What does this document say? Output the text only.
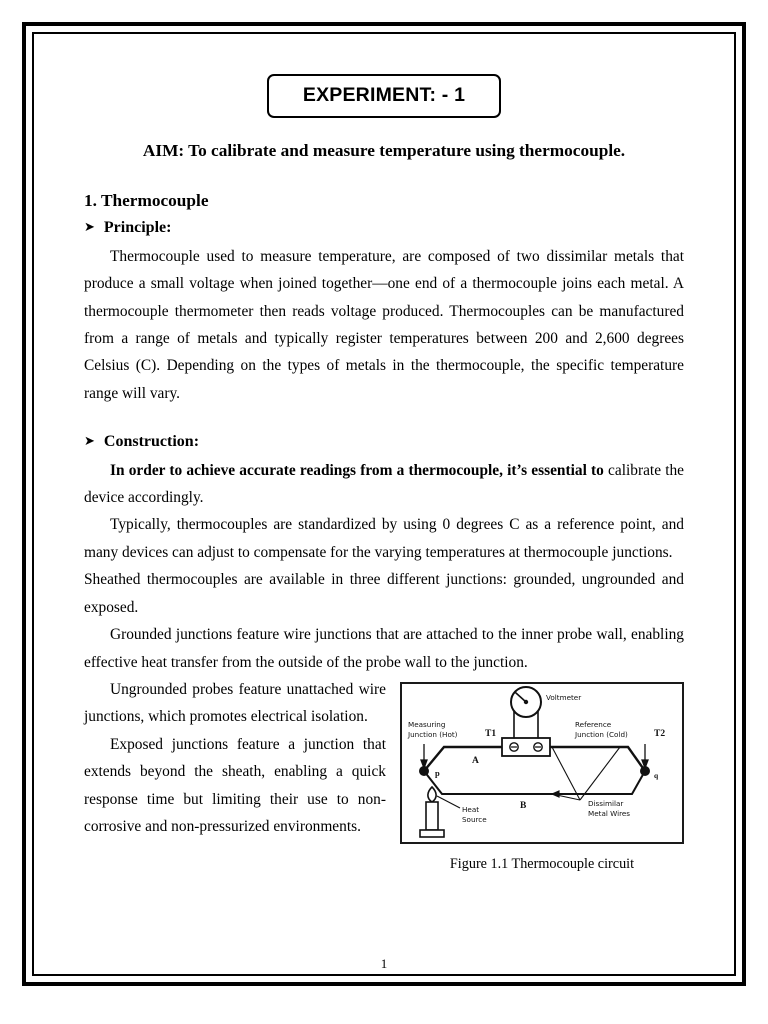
EXPERIMENT: - 1
AIM: To calibrate and measure temperature using thermocouple.
1. Thermocouple
➤ Principle:

Thermocouple used to measure temperature, are composed of two dissimilar metals that produce a small voltage when joined together—one end of a thermocouple joins each metal. A thermocouple thermometer then reads voltage produced. Thermocouples can be manufactured from a range of metals and typically register temperatures between 200 and 2,600 degrees Celsius (C). Depending on the types of metals in the thermocouple, the specific temperature range will vary.

➤ Construction:

In order to achieve accurate readings from a thermocouple, it’s essential to calibrate the device accordingly.

Typically, thermocouples are standardized by using 0 degrees C as a reference point, and many devices can adjust to compensate for the varying temperatures at thermocouple junctions.

Sheathed thermocouples are available in three different junctions: grounded, ungrounded and exposed.

Grounded junctions feature wire junctions that are attached to the inner probe wall, enabling effective heat transfer from the outside of the probe wall to the junction.

Measuring
Junction (Hot)
Reference
Junction (Cold)
Voltmeter
Heat
Source
Dissimilar
Metal Wires
T1	T2
A
B
p	q
Figure 1.1 Thermocouple circuit

Ungrounded probes feature unattached wire junctions, which promotes electrical isolation.

Exposed junctions feature a junction that extends beyond the sheath, enabling a quick response time but limiting their use to non-corrosive and non-pressurized environments.

1
